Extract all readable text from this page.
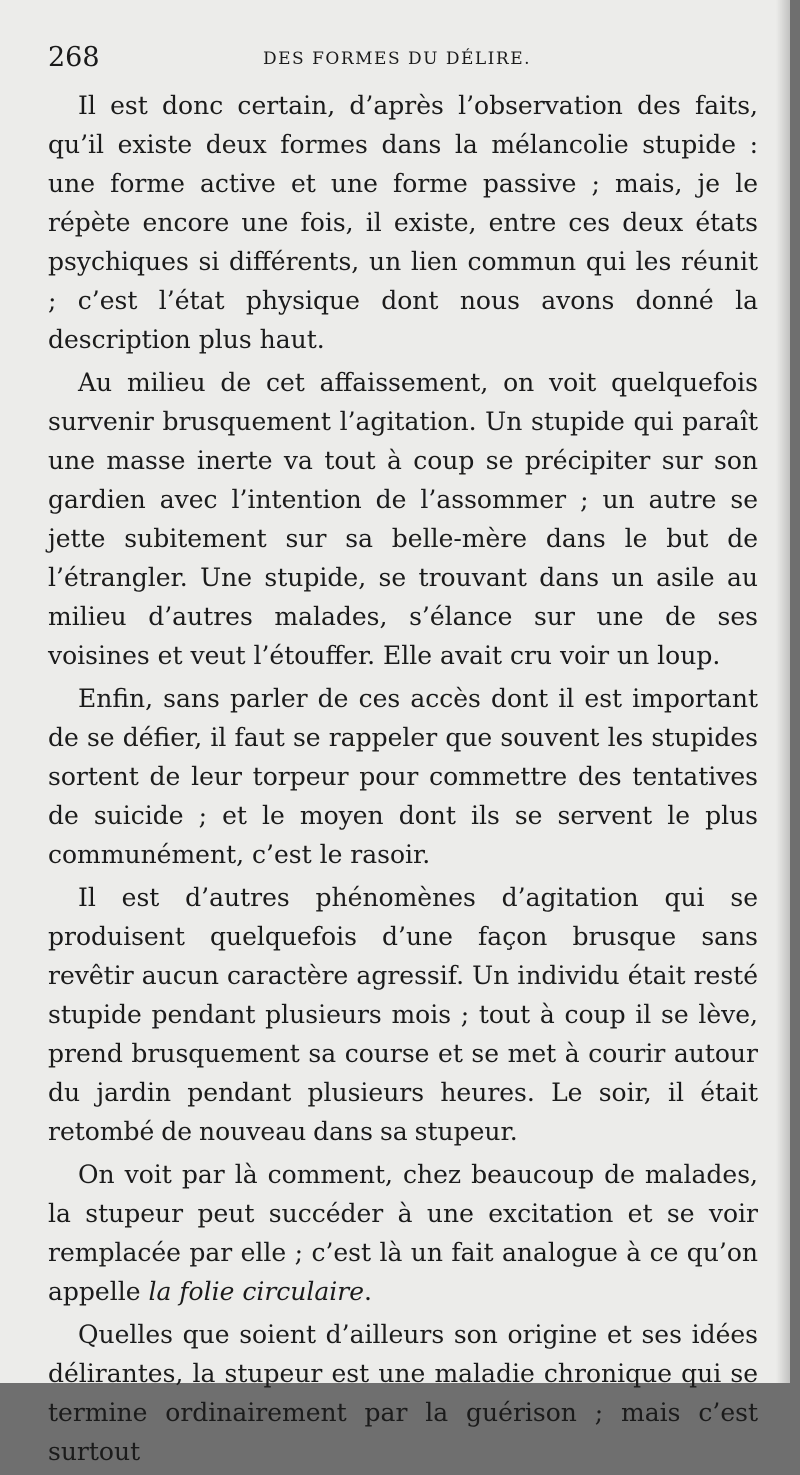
268	DES FORMES DU DÉLIRE.

Il est donc certain, d’après l’observation des faits, qu’il existe deux formes dans la mélancolie stupide : une forme active et une forme passive ; mais, je le répète encore une fois, il existe, entre ces deux états psychiques si différents, un lien commun qui les réunit ; c’est l’état physique dont nous avons donné la description plus haut.

Au milieu de cet affaissement, on voit quelquefois survenir brusquement l’agitation. Un stupide qui paraît une masse inerte va tout à coup se précipiter sur son gardien avec l’intention de l’assommer ; un autre se jette subitement sur sa belle-mère dans le but de l’étrangler. Une stupide, se trouvant dans un asile au milieu d’autres malades, s’élance sur une de ses voisines et veut l’étouffer. Elle avait cru voir un loup.

Enfin, sans parler de ces accès dont il est important de se défier, il faut se rappeler que souvent les stupides sortent de leur torpeur pour commettre des tentatives de suicide ; et le moyen dont ils se servent le plus communément, c’est le rasoir.

Il est d’autres phénomènes d’agitation qui se produisent quelquefois d’une façon brusque sans revêtir aucun caractère agressif. Un individu était resté stupide pendant plusieurs mois ; tout à coup il se lève, prend brusquement sa course et se met à courir autour du jardin pendant plusieurs heures. Le soir, il était retombé de nouveau dans sa stupeur.

On voit par là comment, chez beaucoup de malades, la stupeur peut succéder à une excitation et se voir remplacée par elle ; c’est là un fait analogue à ce qu’on appelle la folie circulaire.

Quelles que soient d’ailleurs son origine et ses idées délirantes, la stupeur est une maladie chronique qui se termine ordinairement par la guérison ; mais c’est surtout
